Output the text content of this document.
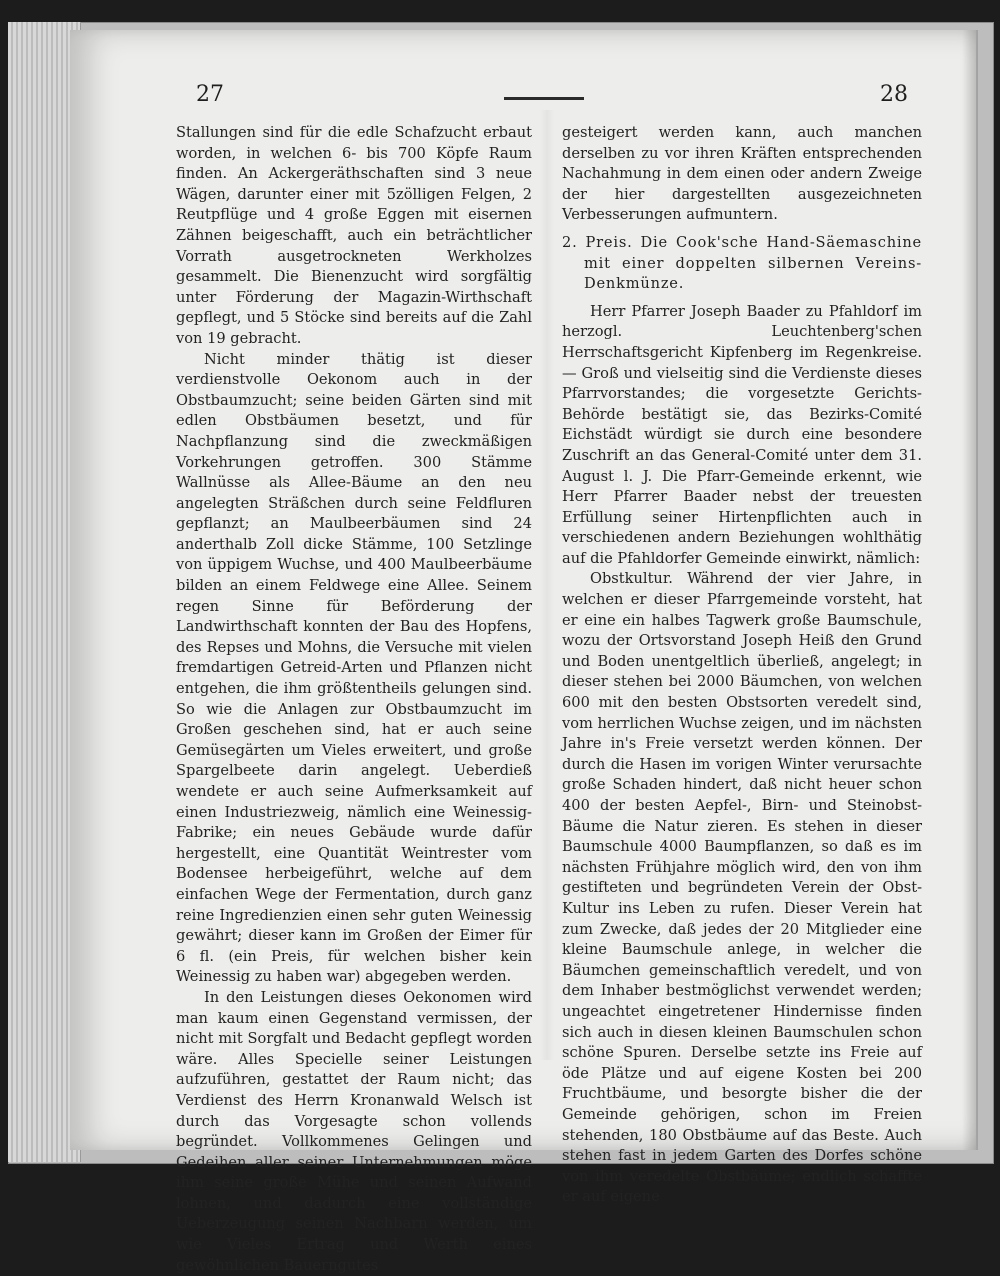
27	28

Stallungen sind für die edle Schafzucht erbaut worden, in welchen 6- bis 700 Köpfe Raum finden. An Ackergeräthschaften sind 3 neue Wägen, darunter einer mit 5zölligen Felgen, 2 Reutpflüge und 4 große Eggen mit eisernen Zähnen beigeschafft, auch ein beträchtlicher Vorrath ausgetrockneten Werkholzes gesammelt. Die Bienenzucht wird sorgfältig unter Förderung der Magazin-Wirthschaft gepflegt, und 5 Stöcke sind bereits auf die Zahl von 19 gebracht.

Nicht minder thätig ist dieser verdienstvolle Oekonom auch in der Obstbaumzucht; seine beiden Gärten sind mit edlen Obstbäumen besetzt, und für Nachpflanzung sind die zweckmäßigen Vorkehrungen getroffen. 300 Stämme Wallnüsse als Allee-Bäume an den neu angelegten Sträßchen durch seine Feldfluren gepflanzt; an Maulbeerbäumen sind 24 anderthalb Zoll dicke Stämme, 100 Setzlinge von üppigem Wuchse, und 400 Maulbeerbäume bilden an einem Feldwege eine Allee. Seinem regen Sinne für Beförderung der Landwirthschaft konnten der Bau des Hopfens, des Repses und Mohns, die Versuche mit vielen fremdartigen Getreid-Arten und Pflanzen nicht entgehen, die ihm größtentheils gelungen sind. So wie die Anlagen zur Obstbaumzucht im Großen geschehen sind, hat er auch seine Gemüsegärten um Vieles erweitert, und große Spargelbeete darin angelegt. Ueberdieß wendete er auch seine Aufmerksamkeit auf einen Industriezweig, nämlich eine Weinessig-Fabrike; ein neues Gebäude wurde dafür hergestellt, eine Quantität Weintrester vom Bodensee herbeigeführt, welche auf dem einfachen Wege der Fermentation, durch ganz reine Ingredienzien einen sehr guten Weinessig gewährt; dieser kann im Großen der Eimer für 6 fl. (ein Preis, für welchen bisher kein Weinessig zu haben war) abgegeben werden.

In den Leistungen dieses Oekonomen wird man kaum einen Gegenstand vermissen, der nicht mit Sorgfalt und Bedacht gepflegt worden wäre. Alles Specielle seiner Leistungen aufzuführen, gestattet der Raum nicht; das Verdienst des Herrn Kronanwald Welsch ist durch das Vorgesagte schon vollends begründet. Vollkommenes Gelingen und Gedeihen aller seiner Unternehmungen möge ihm seine große Mühe und seinen Aufwand lohnen, und dadurch eine vollständige Ueberzeugung seinen Nachbarn werden, um wie Vieles Ertrag und Werth eines gewöhnlichen Bauerngutes

gesteigert werden kann, auch manchen derselben zu vor ihren Kräften entsprechenden Nachahmung in dem einen oder andern Zweige der hier dargestellten ausgezeichneten Verbesserungen aufmuntern.

2. Preis. Die Cook'sche Hand-Säemaschine mit einer doppelten silbernen Vereins-Denkmünze.

Herr Pfarrer Joseph Baader zu Pfahldorf im herzogl. Leuchtenberg'schen Herrschaftsgericht Kipfenberg im Regenkreise. — Groß und vielseitig sind die Verdienste dieses Pfarrvorstandes; die vorgesetzte Gerichts-Behörde bestätigt sie, das Bezirks-Comité Eichstädt würdigt sie durch eine besondere Zuschrift an das General-Comité unter dem 31. August l. J. Die Pfarr-Gemeinde erkennt, wie Herr Pfarrer Baader nebst der treuesten Erfüllung seiner Hirtenpflichten auch in verschiedenen andern Beziehungen wohlthätig auf die Pfahldorfer Gemeinde einwirkt, nämlich:

Obstkultur. Während der vier Jahre, in welchen er dieser Pfarrgemeinde vorsteht, hat er eine ein halbes Tagwerk große Baumschule, wozu der Ortsvorstand Joseph Heiß den Grund und Boden unentgeltlich überließ, angelegt; in dieser stehen bei 2000 Bäumchen, von welchen 600 mit den besten Obstsorten veredelt sind, vom herrlichen Wuchse zeigen, und im nächsten Jahre in's Freie versetzt werden können. Der durch die Hasen im vorigen Winter verursachte große Schaden hindert, daß nicht heuer schon 400 der besten Aepfel-, Birn- und Steinobst-Bäume die Natur zieren. Es stehen in dieser Baumschule 4000 Baumpflanzen, so daß es im nächsten Frühjahre möglich wird, den von ihm gestifteten und begründeten Verein der Obst-Kultur ins Leben zu rufen. Dieser Verein hat zum Zwecke, daß jedes der 20 Mitglieder eine kleine Baumschule anlege, in welcher die Bäumchen gemeinschaftlich veredelt, und von dem Inhaber bestmöglichst verwendet werden; ungeachtet eingetretener Hindernisse finden sich auch in diesen kleinen Baumschulen schon schöne Spuren. Derselbe setzte ins Freie auf öde Plätze und auf eigene Kosten bei 200 Fruchtbäume, und besorgte bisher die der Gemeinde gehörigen, schon im Freien stehenden, 180 Obstbäume auf das Beste. Auch stehen fast in jedem Garten des Dorfes schöne von ihm veredelte Obstbäume; endlich schaffte er auf eigene
